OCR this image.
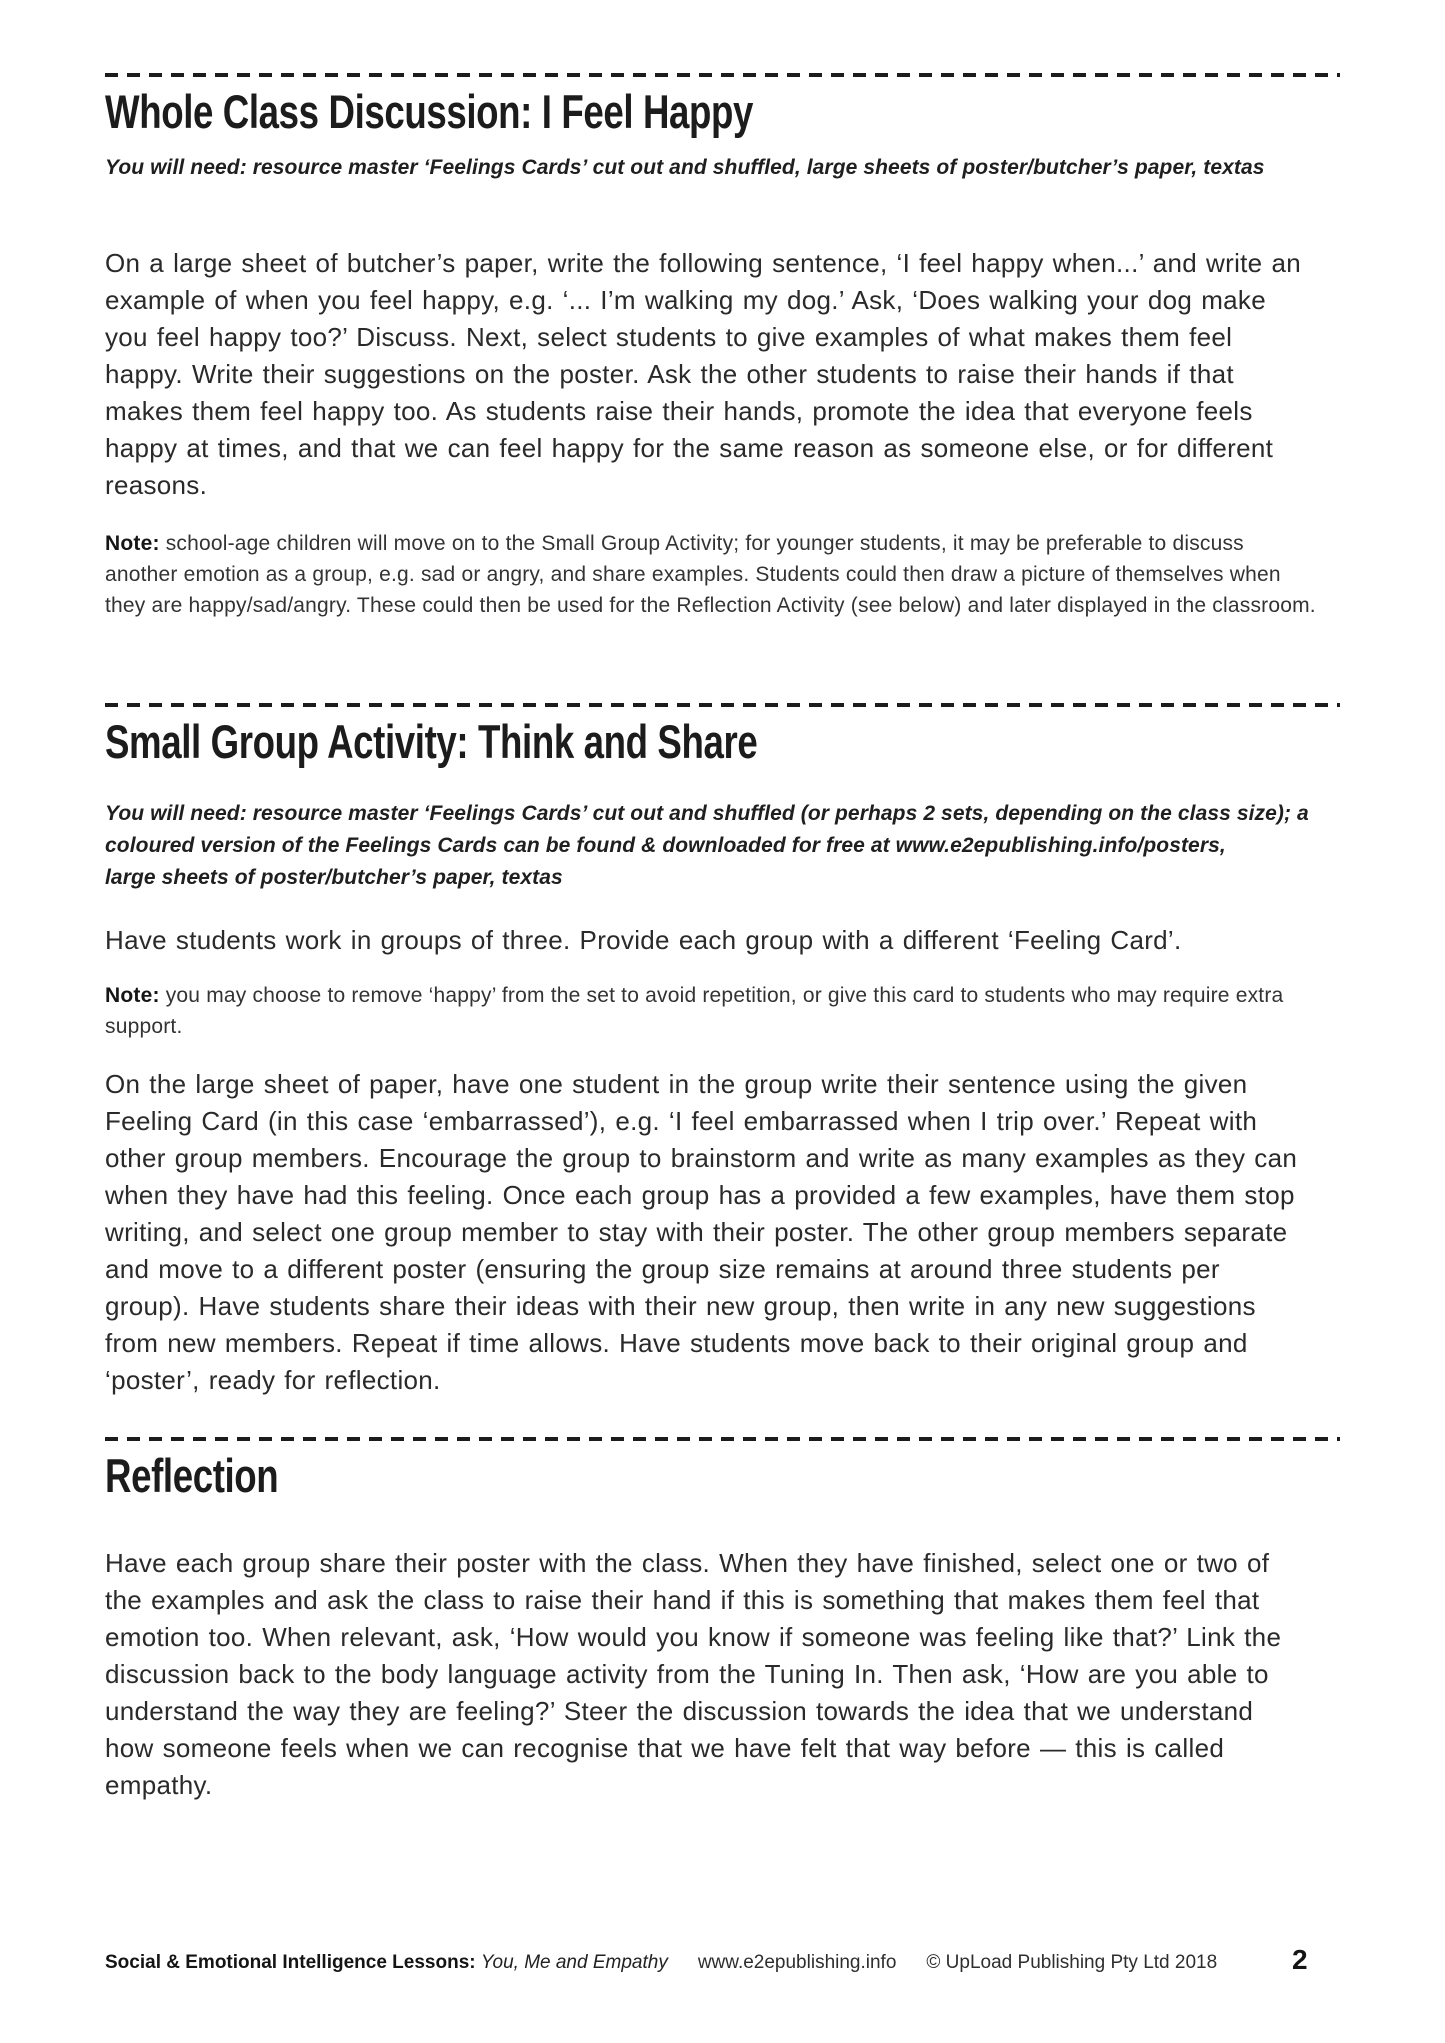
Whole Class Discussion: I Feel Happy
You will need: resource master ‘Feelings Cards’ cut out and shuffled, large sheets of poster/butcher’s paper, textas

On a large sheet of butcher’s paper, write the following sentence, ‘I feel happy when...’ and write an example of when you feel happy, e.g. ‘... I’m walking my dog.’ Ask, ‘Does walking your dog make you feel happy too?’ Discuss. Next, select students to give examples of what makes them feel happy. Write their suggestions on the poster. Ask the other students to raise their hands if that makes them feel happy too. As students raise their hands, promote the idea that everyone feels happy at times, and that we can feel happy for the same reason as someone else, or for different reasons.

Note: school-age children will move on to the Small Group Activity; for younger students, it may be preferable to discuss another emotion as a group, e.g. sad or angry, and share examples. Students could then draw a picture of themselves when they are happy/sad/angry. These could then be used for the Reflection Activity (see below) and later displayed in the classroom.

Small Group Activity: Think and Share
You will need: resource master ‘Feelings Cards’ cut out and shuffled (or perhaps 2 sets, depending on the class size); a
coloured version of the Feelings Cards can be found & downloaded for free at www.e2epublishing.info/posters,
large sheets of poster/butcher’s paper, textas

Have students work in groups of three. Provide each group with a different ‘Feeling Card’.

Note: you may choose to remove ‘happy’ from the set to avoid repetition, or give this card to students who may require extra support.

On the large sheet of paper, have one student in the group write their sentence using the given Feeling Card (in this case ‘embarrassed’), e.g. ‘I feel embarrassed when I trip over.’ Repeat with other group members. Encourage the group to brainstorm and write as many examples as they can when they have had this feeling. Once each group has a provided a few examples, have them stop writing, and select one group member to stay with their poster. The other group members separate and move to a different poster (ensuring the group size remains at around three students per group). Have students share their ideas with their new group, then write in any new suggestions from new members. Repeat if time allows. Have students move back to their original group and ‘poster’, ready for reflection.

Reflection

Have each group share their poster with the class. When they have finished, select one or two of the examples and ask the class to raise their hand if this is something that makes them feel that emotion too. When relevant, ask, ‘How would you know if someone was feeling like that?’ Link the discussion back to the body language activity from the Tuning In. Then ask, ‘How are you able to understand the way they are feeling?’ Steer the discussion towards the idea that we understand how someone feels when we can recognise that we have felt that way before — this is called empathy.

Social & Emotional Intelligence Lessons: You, Me and Empathy www.e2epublishing.info © UpLoad Publishing Pty Ltd 2018	2
